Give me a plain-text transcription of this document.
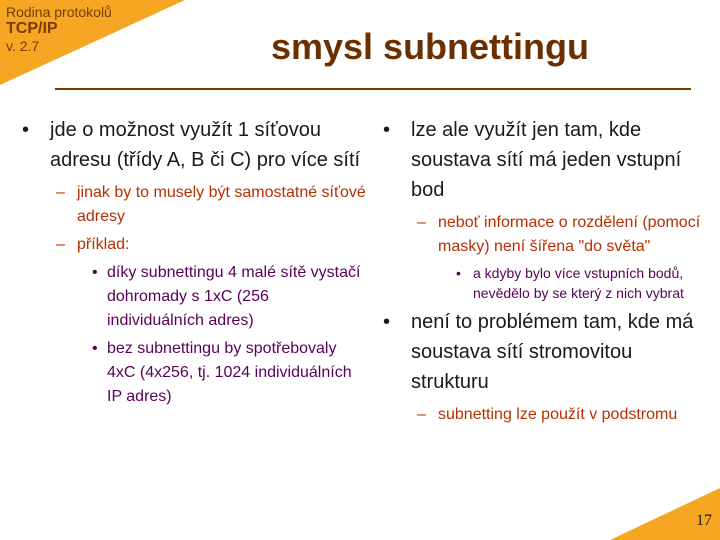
Rodina protokolů
TCP/IP
v. 2.7	smysl subnettingu
• jde o možnost využít 1 síťovou adresu (třídy A, B či C) pro více sítí
– jinak by to musely být samostatné síťové adresy
– příklad:
• díky subnettingu 4 malé sítě vystačí dohromady s 1xC (256 individuálních adres)
• bez subnettingu by spotřebovaly 4xC (4x256, tj. 1024 individuálních IP adres)
• lze ale využít jen tam, kde soustava sítí má jeden vstupní bod
– neboť informace o rozdělení (pomocí masky) není šířena "do světa"
• a kdyby bylo více vstupních bodů, nevědělo by se který z nich vybrat
• není to problémem tam, kde má soustava sítí stromovitou strukturu
– subnetting lze použít v podstromu
17
